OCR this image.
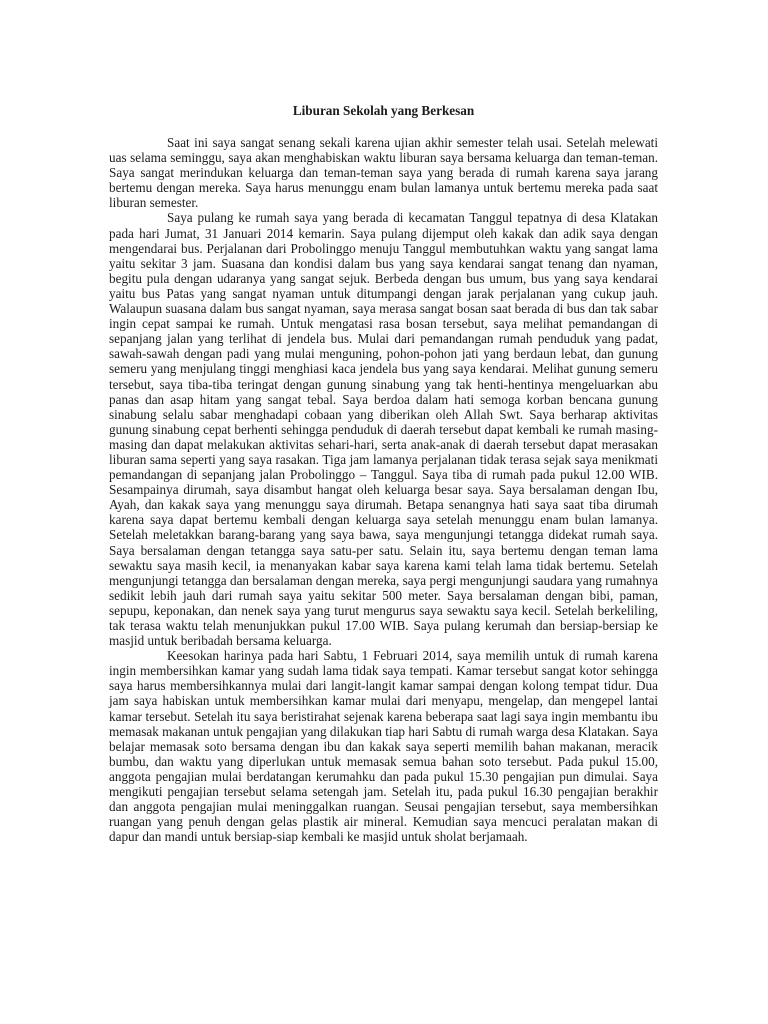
Liburan Sekolah yang Berkesan

Saat ini saya sangat senang sekali karena ujian akhir semester telah usai. Setelah melewati uas selama seminggu, saya akan menghabiskan waktu liburan saya bersama keluarga dan teman-teman. Saya sangat merindukan keluarga dan teman-teman saya yang berada di rumah karena saya jarang bertemu dengan mereka. Saya harus menunggu enam bulan lamanya untuk bertemu mereka pada saat liburan semester.

Saya pulang ke rumah saya yang berada di kecamatan Tanggul tepatnya di desa Klatakan pada hari Jumat, 31 Januari 2014 kemarin. Saya pulang dijemput oleh kakak dan adik saya dengan mengendarai bus. Perjalanan dari Probolinggo menuju Tanggul membutuhkan waktu yang sangat lama yaitu sekitar 3 jam. Suasana dan kondisi dalam bus yang saya kendarai sangat tenang dan nyaman, begitu pula dengan udaranya yang sangat sejuk. Berbeda dengan bus umum, bus yang saya kendarai yaitu bus Patas yang sangat nyaman untuk ditumpangi dengan jarak perjalanan yang cukup jauh. Walaupun suasana dalam bus sangat nyaman, saya merasa sangat bosan saat berada di bus dan tak sabar ingin cepat sampai ke rumah. Untuk mengatasi rasa bosan tersebut, saya melihat pemandangan di sepanjang jalan yang terlihat di jendela bus. Mulai dari pemandangan rumah penduduk yang padat, sawah-sawah dengan padi yang mulai menguning, pohon-pohon jati yang berdaun lebat, dan gunung semeru yang menjulang tinggi menghiasi kaca jendela bus yang saya kendarai. Melihat gunung semeru tersebut, saya tiba-tiba teringat dengan gunung sinabung yang tak henti-hentinya mengeluarkan abu panas dan asap hitam yang sangat tebal. Saya berdoa dalam hati semoga korban bencana gunung sinabung selalu sabar menghadapi cobaan yang diberikan oleh Allah Swt. Saya berharap aktivitas gunung sinabung cepat berhenti sehingga penduduk di daerah tersebut dapat kembali ke rumah masing-masing dan dapat melakukan aktivitas sehari-hari, serta anak-anak di daerah tersebut dapat merasakan liburan sama seperti yang saya rasakan. Tiga jam lamanya perjalanan tidak terasa sejak saya menikmati pemandangan di sepanjang jalan Probolinggo – Tanggul. Saya tiba di rumah pada pukul 12.00 WIB. Sesampainya dirumah, saya disambut hangat oleh keluarga besar saya. Saya bersalaman dengan Ibu, Ayah, dan kakak saya yang menunggu saya dirumah. Betapa senangnya hati saya saat tiba dirumah karena saya dapat bertemu kembali dengan keluarga saya setelah menunggu enam bulan lamanya. Setelah meletakkan barang-barang yang saya bawa, saya mengunjungi tetangga didekat rumah saya. Saya bersalaman dengan tetangga saya satu-per satu. Selain itu, saya bertemu dengan teman lama sewaktu saya masih kecil, ia menanyakan kabar saya karena kami telah lama tidak bertemu. Setelah mengunjungi tetangga dan bersalaman dengan mereka, saya pergi mengunjungi saudara yang rumahnya sedikit lebih jauh dari rumah saya yaitu sekitar 500 meter. Saya bersalaman dengan bibi, paman, sepupu, keponakan, dan nenek saya yang turut mengurus saya sewaktu saya kecil. Setelah berkeliling, tak terasa waktu telah menunjukkan pukul 17.00 WIB. Saya pulang kerumah dan bersiap-bersiap ke masjid untuk beribadah bersama keluarga.

Keesokan harinya pada hari Sabtu, 1 Februari 2014, saya memilih untuk di rumah karena ingin membersihkan kamar yang sudah lama tidak saya tempati. Kamar tersebut sangat kotor sehingga saya harus membersihkannya mulai dari langit-langit kamar sampai dengan kolong tempat tidur. Dua jam saya habiskan untuk membersihkan kamar mulai dari menyapu, mengelap, dan mengepel lantai kamar tersebut. Setelah itu saya beristirahat sejenak karena beberapa saat lagi saya ingin membantu ibu memasak makanan untuk pengajian yang dilakukan tiap hari Sabtu di rumah warga desa Klatakan. Saya belajar memasak soto bersama dengan ibu dan kakak saya seperti memilih bahan makanan, meracik bumbu, dan waktu yang diperlukan untuk memasak semua bahan soto tersebut. Pada pukul 15.00, anggota pengajian mulai berdatangan kerumahku dan pada pukul 15.30 pengajian pun dimulai. Saya mengikuti pengajian tersebut selama setengah jam. Setelah itu, pada pukul 16.30 pengajian berakhir dan anggota pengajian mulai meninggalkan ruangan. Seusai pengajian tersebut, saya membersihkan ruangan yang penuh dengan gelas plastik air mineral. Kemudian saya mencuci peralatan makan di dapur dan mandi untuk bersiap-siap kembali ke masjid untuk sholat berjamaah.
